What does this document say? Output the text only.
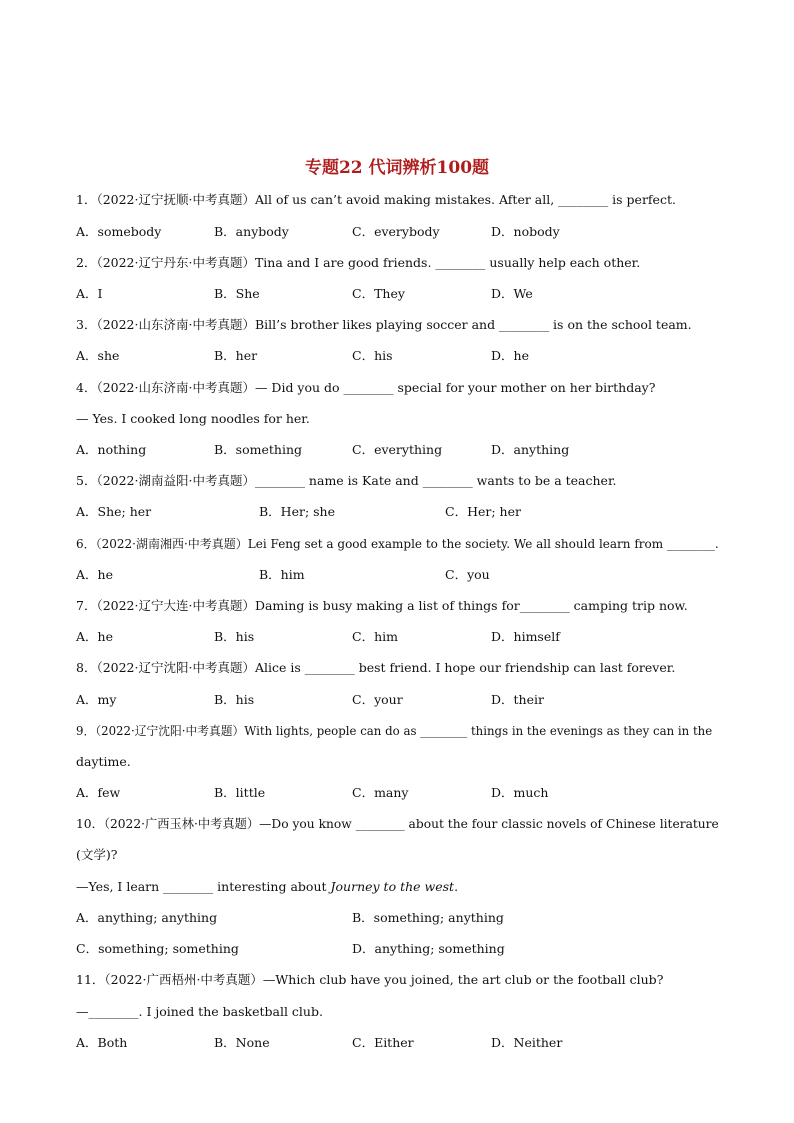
专题22 代词辨析100题
1．（2022·辽宁抚顺·中考真题）All of us can’t avoid making mistakes. After all, ________ is perfect.
A．somebody	B．anybody	C．everybody	D．nobody
2．（2022·辽宁丹东·中考真题）Tina and I are good friends. ________ usually help each other.
A．I	B．She	C．They	D．We
3．（2022·山东济南·中考真题）Bill’s brother likes playing soccer and ________ is on the school team.
A．she	B．her	C．his	D．he
4．（2022·山东济南·中考真题）— Did you do ________ special for your mother on her birthday?
— Yes. I cooked long noodles for her.
A．nothing	B．something	C．everything	D．anything
5．（2022·湖南益阳·中考真题）________ name is Kate and ________ wants to be a teacher.
A．She; her	B．Her; she	C．Her; her
6．（2022·湖南湘西·中考真题）Lei Feng set a good example to the society. We all should learn from ________.
A．he	B．him	C．you
7．（2022·辽宁大连·中考真题）Daming is busy making a list of things for________ camping trip now.
A．he	B．his	C．him	D．himself
8．（2022·辽宁沈阳·中考真题）Alice is ________ best friend. I hope our friendship can last forever.
A．my	B．his	C．your	D．their
9．（2022·辽宁沈阳·中考真题）With lights, people can do as ________ things in the evenings as they can in the
daytime.
A．few	B．little	C．many	D．much
10．（2022·广西玉林·中考真题）—Do you know ________ about the four classic novels of Chinese literature
(文学)?
—Yes, I learn ________ interesting about Journey to the west.
A．anything; anything	B．something; anything
C．something; something	D．anything; something
11．（2022·广西梧州·中考真题）—Which club have you joined, the art club or the football club?
—________. I joined the basketball club.
A．Both	B．None	C．Either	D．Neither
